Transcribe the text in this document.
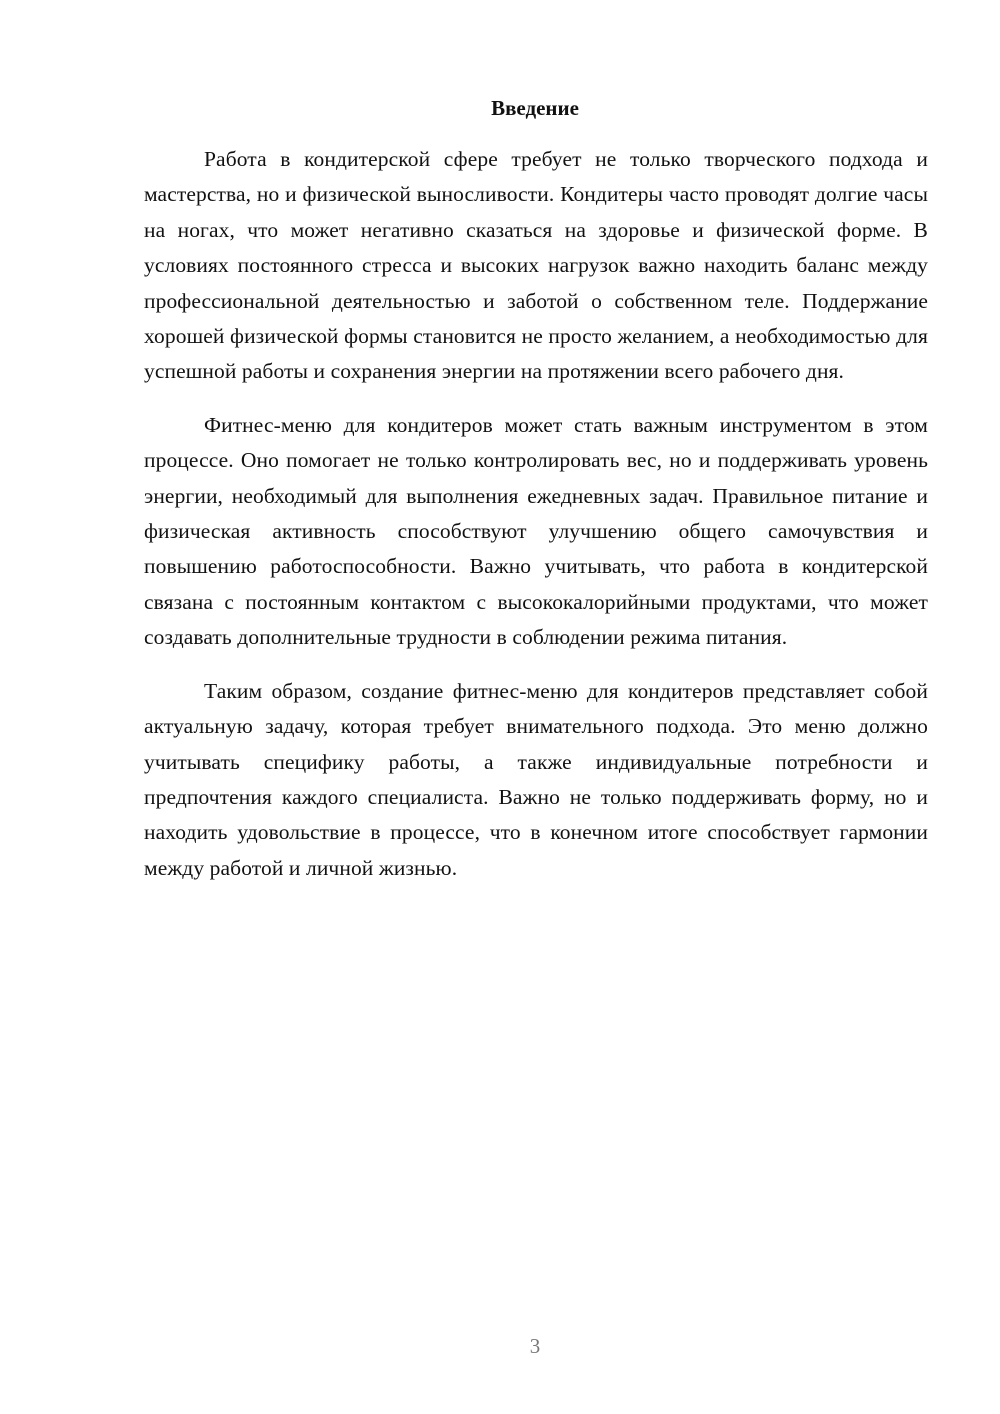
Введение

Работа в кондитерской сфере требует не только творческого подхода и мастерства, но и физической выносливости. Кондитеры часто проводят долгие часы на ногах, что может негативно сказаться на здоровье и физической форме. В условиях постоянного стресса и высоких нагрузок важно находить баланс между профессиональной деятельностью и заботой о собственном теле. Поддержание хорошей физической формы становится не просто желанием, а необходимостью для успешной работы и сохранения энергии на протяжении всего рабочего дня.

Фитнес-меню для кондитеров может стать важным инструментом в этом процессе. Оно помогает не только контролировать вес, но и поддерживать уровень энергии, необходимый для выполнения ежедневных задач. Правильное питание и физическая активность способствуют улучшению общего самочувствия и повышению работоспособности. Важно учитывать, что работа в кондитерской связана с постоянным контактом с высококалорийными продуктами, что может создавать дополнительные трудности в соблюдении режима питания.

Таким образом, создание фитнес-меню для кондитеров представляет собой актуальную задачу, которая требует внимательного подхода. Это меню должно учитывать специфику работы, а также индивидуальные потребности и предпочтения каждого специалиста. Важно не только поддерживать форму, но и находить удовольствие в процессе, что в конечном итоге способствует гармонии между работой и личной жизнью.

3
